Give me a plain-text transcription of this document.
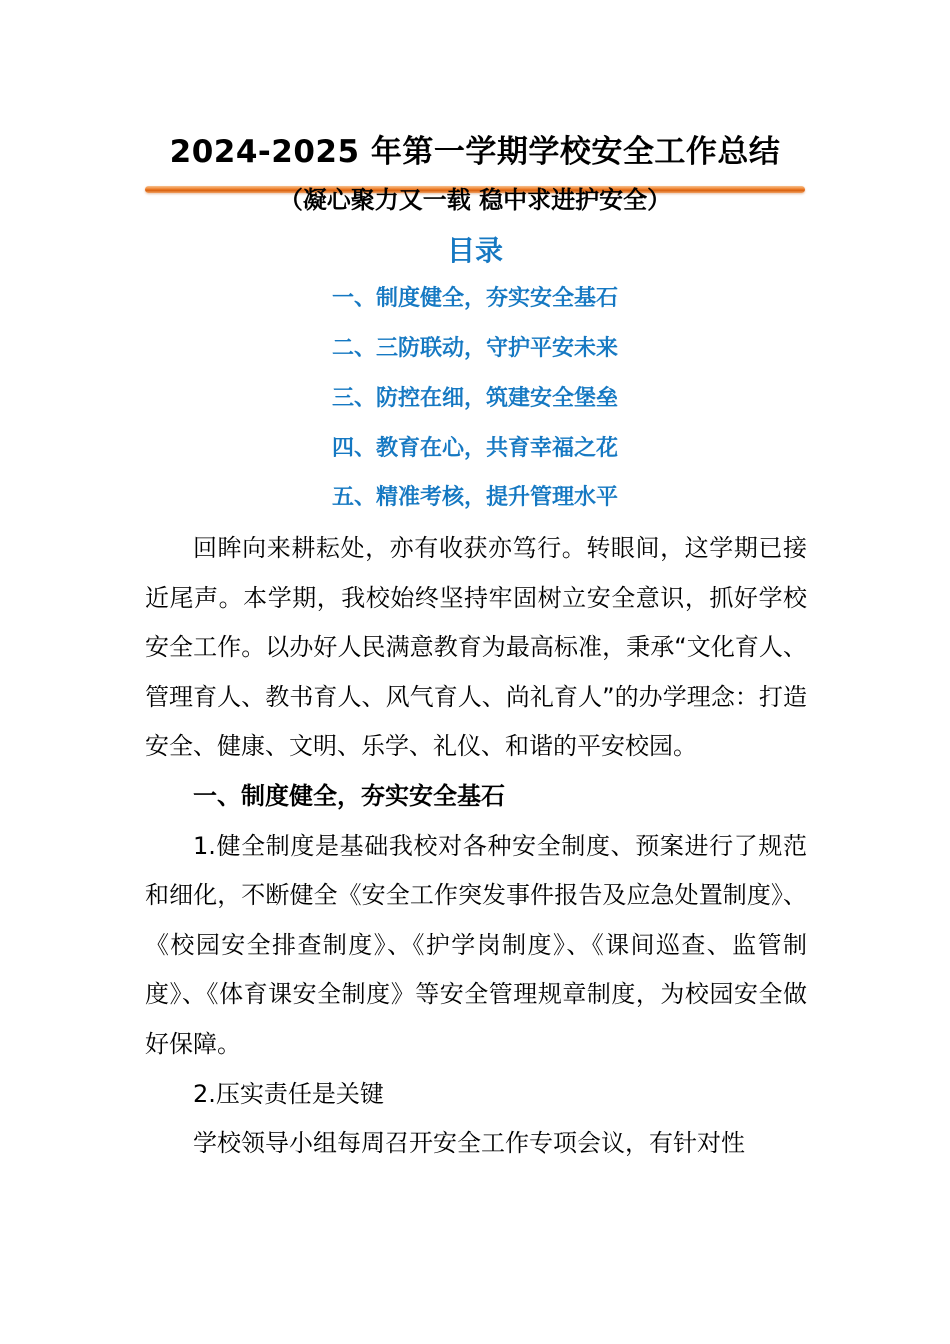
2024-2025 年第一学期学校安全工作总结
（凝心聚力又一载 稳中求进护安全）
目录
一、制度健全，夯实安全基石
二、三防联动，守护平安未来
三、防控在细，筑建安全堡垒
四、教育在心，共育幸福之花
五、精准考核，提升管理水平

回眸向来耕耘处，亦有收获亦笃行。转眼间，这学期已接近尾声。本学期，我校始终坚持牢固树立安全意识，抓好学校安全工作。以办好人民满意教育为最高标准，秉承“文化育人、管理育人、教书育人、风气育人、尚礼育人”的办学理念：打造安全、健康、文明、乐学、礼仪、和谐的平安校园。

一、制度健全，夯实安全基石

1.健全制度是基础我校对各种安全制度、预案进行了规范和细化，不断健全《安全工作突发事件报告及应急处置制度》、《校园安全排查制度》、《护学岗制度》、《课间巡查、监管制度》、《体育课安全制度》等安全管理规章制度，为校园安全做好保障。

2.压实责任是关键

学校领导小组每周召开安全工作专项会议，有针对性
